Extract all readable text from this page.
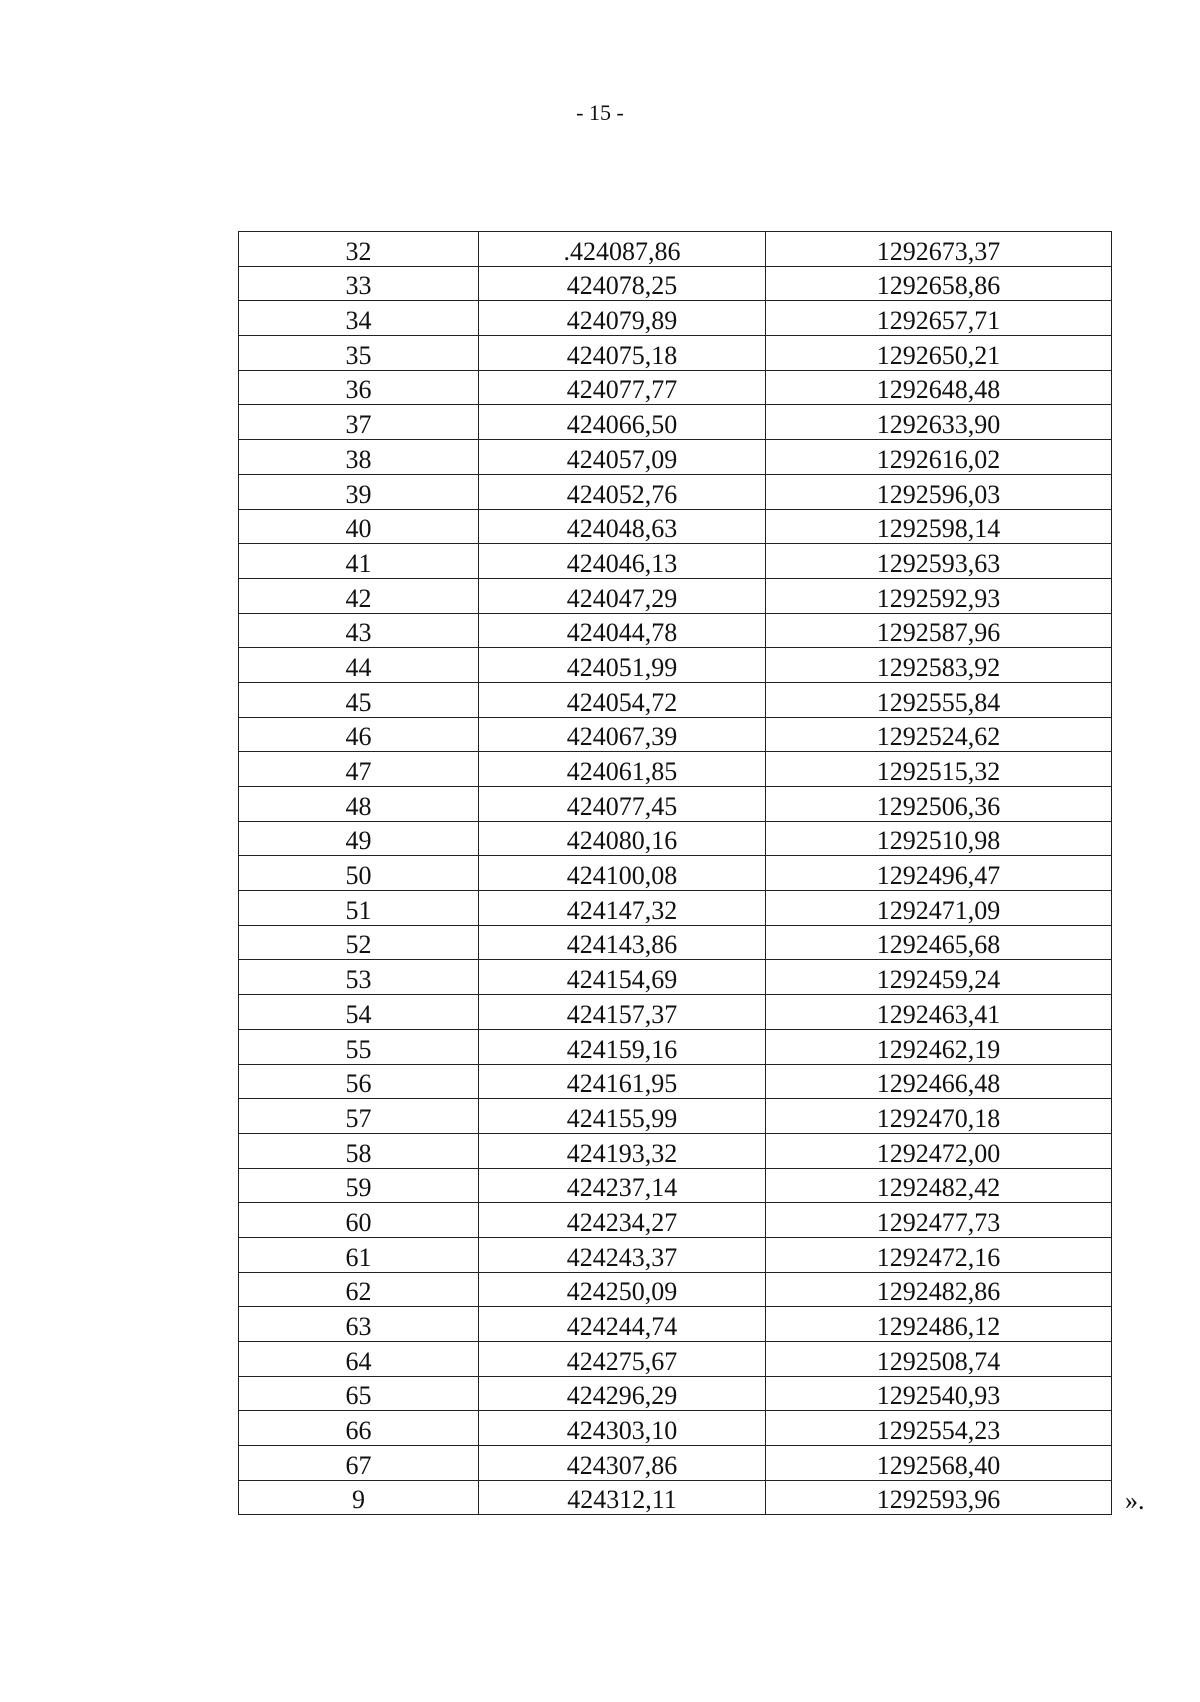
- 15 -
32	.424087,86	1292673,37
33	424078,25	1292658,86
34	424079,89	1292657,71
35	424075,18	1292650,21
36	424077,77	1292648,48
37	424066,50	1292633,90
38	424057,09	1292616,02
39	424052,76	1292596,03
40	424048,63	1292598,14
41	424046,13	1292593,63
42	424047,29	1292592,93
43	424044,78	1292587,96
44	424051,99	1292583,92
45	424054,72	1292555,84
46	424067,39	1292524,62
47	424061,85	1292515,32
48	424077,45	1292506,36
49	424080,16	1292510,98
50	424100,08	1292496,47
51	424147,32	1292471,09
52	424143,86	1292465,68
53	424154,69	1292459,24
54	424157,37	1292463,41
55	424159,16	1292462,19
56	424161,95	1292466,48
57	424155,99	1292470,18
58	424193,32	1292472,00
59	424237,14	1292482,42
60	424234,27	1292477,73
61	424243,37	1292472,16
62	424250,09	1292482,86
63	424244,74	1292486,12
64	424275,67	1292508,74
65	424296,29	1292540,93
66	424303,10	1292554,23
67	424307,86	1292568,40
9	424312,11	1292593,96	».
